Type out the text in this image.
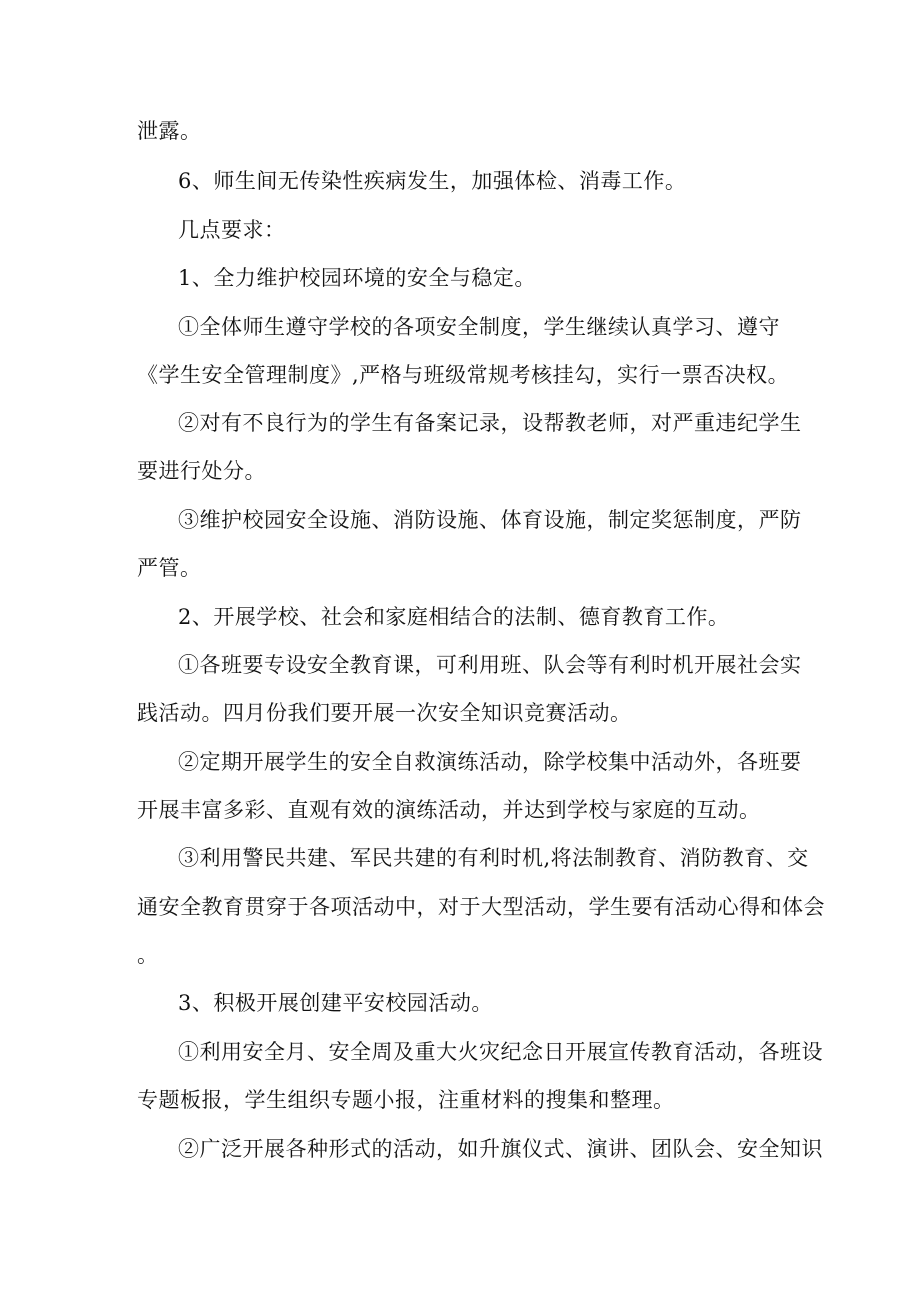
泄露。
6、师生间无传染性疾病发生，加强体检、消毒工作。
几点要求：
1、全力维护校园环境的安全与稳定。
①全体师生遵守学校的各项安全制度，学生继续认真学习、遵守
《学生安全管理制度》,严格与班级常规考核挂勾，实行一票否决权。
②对有不良行为的学生有备案记录，设帮教老师，对严重违纪学生
要进行处分。
③维护校园安全设施、消防设施、体育设施，制定奖惩制度，严防
严管。
2、开展学校、社会和家庭相结合的法制、德育教育工作。
①各班要专设安全教育课，可利用班、队会等有利时机开展社会实
践活动。四月份我们要开展一次安全知识竞赛活动。
②定期开展学生的安全自救演练活动，除学校集中活动外，各班要
开展丰富多彩、直观有效的演练活动，并达到学校与家庭的互动。
③利用警民共建、军民共建的有利时机,将法制教育、消防教育、交
通安全教育贯穿于各项活动中，对于大型活动，学生要有活动心得和体会
。
3、积极开展创建平安校园活动。
①利用安全月、安全周及重大火灾纪念日开展宣传教育活动，各班设
专题板报，学生组织专题小报，注重材料的搜集和整理。
②广泛开展各种形式的活动，如升旗仪式、演讲、团队会、安全知识
